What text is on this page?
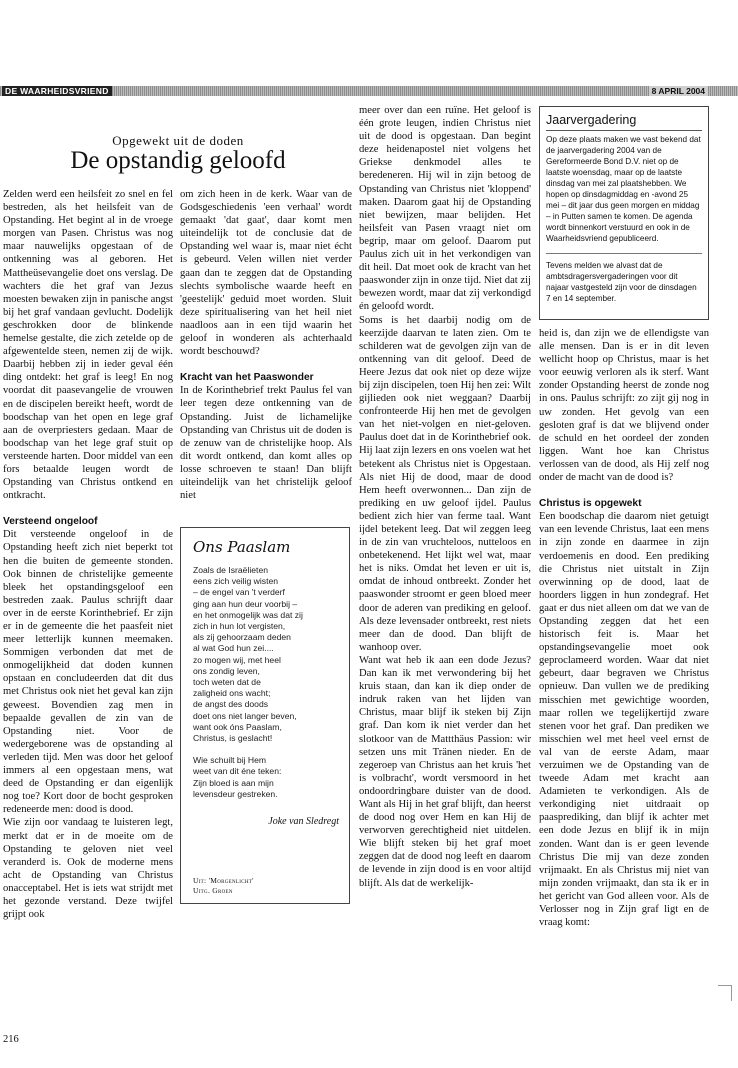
DE WAARHEIDSVRIEND	8 APRIL 2004
Opgewekt uit de doden
De opstandig geloofd

Zelden werd een heilsfeit zo snel en fel bestreden, als het heilsfeit van de Opstanding. Het begint al in de vroege morgen van Pasen. Christus was nog maar nauwelijks opgestaan of de ontkenning was al geboren. Het Mattheüsevangelie doet ons verslag. De wachters die het graf van Jezus moesten bewaken zijn in panische angst bij het graf vandaan gevlucht. Dodelijk geschrokken door de blinkende hemelse gestalte, die zich zetelde op de afgewentelde steen, nemen zij de wijk. Daarbij hebben zij in ieder geval één ding ontdekt: het graf is leeg! En nog voordat dit paasevangelie de vrouwen en de discipelen bereikt heeft, wordt de boodschap van het open en lege graf aan de overpriesters gedaan. Maar de boodschap van het lege graf stuit op versteende harten. Door middel van een fors betaalde leugen wordt de Opstanding van Christus ontkend en ontkracht.

Versteend ongeloof

Dit versteende ongeloof in de Opstanding heeft zich niet beperkt tot hen die buiten de gemeente stonden. Ook binnen de christelijke gemeente bleek het opstandingsgeloof een bestreden zaak. Paulus schrijft daar over in de eerste Korinthebrief. Er zijn er in de gemeente die het paasfeit niet meer letterlijk kunnen meemaken. Sommigen verbonden dat met de onmogelijkheid dat doden kunnen opstaan en concludeerden dat dit dus met Christus ook niet het geval kan zijn geweest. Bovendien zag men in bepaalde gevallen de zin van de Opstanding niet. Voor de wedergeborene was de opstanding al verleden tijd. Men was door het geloof immers al een opgestaan mens, wat deed de Opstanding er dan eigenlijk nog toe? Kort door de bocht gesproken redeneerde men: dood is dood.

Wie zijn oor vandaag te luisteren legt, merkt dat er in de moeite om de Opstanding te geloven niet veel veranderd is. Ook de moderne mens acht de Opstanding van Christus onacceptabel. Het is iets wat strijdt met het gezonde verstand. Deze twijfel grijpt ook

om zich heen in de kerk. Waar van de Godsgeschiedenis 'een verhaal' wordt gemaakt 'dat gaat', daar komt men uiteindelijk tot de conclusie dat de Opstanding wel waar is, maar niet écht is gebeurd. Velen willen niet verder gaan dan te zeggen dat de Opstanding slechts symbolische waarde heeft en 'geestelijk' geduid moet worden. Sluit deze spiritualisering van het heil niet naadloos aan in een tijd waarin het geloof in wonderen als achterhaald wordt beschouwd?

Kracht van het Paaswonder

In de Korinthebrief trekt Paulus fel van leer tegen deze ontkenning van de Opstanding. Juist de lichamelijke Opstanding van Christus uit de doden is de zenuw van de christelijke hoop. Als dit wordt ontkend, dan komt alles op losse schroeven te staan! Dan blijft uiteindelijk van het christelijk geloof niet

Ons Paaslam
Zoals de Israëlieten
eens zich veilig wisten
– de engel van 't verderf
ging aan hun deur voorbij –
en het onmogelijk was dat zij
zich in hun lot vergisten,
als zij gehoorzaam deden
al wat God hun zei....
zo mogen wij, met heel
ons zondig leven,
toch weten dat de
zaligheid ons wacht;
de angst des doods
doet ons niet langer beven,
want ook óns Paaslam,
Christus, is geslacht!
Wie schuilt bij Hem
weet van dit éne teken:
Zijn bloed is aan mijn
levensdeur gestreken.
Joke van Sledregt
Uit: 'Morgenlicht'
Uitg. Groen

meer over dan een ruïne. Het geloof is één grote leugen, indien Christus niet uit de dood is opgestaan. Dan begint deze heidenapostel niet volgens het Griekse denkmodel alles te beredeneren. Hij wil in zijn betoog de Opstanding van Christus niet 'kloppend' maken. Daarom gaat hij de Opstanding niet bewijzen, maar belijden. Het heilsfeit van Pasen vraagt niet om begrip, maar om geloof. Daarom put Paulus zich uit in het verkondigen van dit heil. Dat moet ook de kracht van het paaswonder zijn in onze tijd. Niet dat zij bewezen wordt, maar dat zij verkondigd én geloofd wordt.

Soms is het daarbij nodig om de keerzijde daarvan te laten zien. Om te schilderen wat de gevolgen zijn van de ontkenning van dit geloof. Deed de Heere Jezus dat ook niet op deze wijze bij zijn discipelen, toen Hij hen zei: Wilt gijlieden ook niet weggaan? Daarbij confronteerde Hij hen met de gevolgen van het niet-volgen en niet-geloven. Paulus doet dat in de Korinthebrief ook. Hij laat zijn lezers en ons voelen wat het betekent als Christus niet is Opgestaan. Als niet Hij de dood, maar de dood Hem heeft overwonnen... Dan zijn de prediking en uw geloof ijdel. Paulus bedient zich hier van ferme taal. Want ijdel betekent leeg. Dat wil zeggen leeg in de zin van vruchteloos, nutteloos en onbetekenend. Het lijkt wel wat, maar het is niks. Omdat het leven er uit is, omdat de inhoud ontbreekt. Zonder het paaswonder stroomt er geen bloed meer door de aderen van prediking en geloof. Als deze levensader ontbreekt, rest niets meer dan de dood. Dan blijft de wanhoop over.

Want wat heb ik aan een dode Jezus? Dan kan ik met verwondering bij het kruis staan, dan kan ik diep onder de indruk raken van het lijden van Christus, maar blijf ik steken bij Zijn graf. Dan kom ik niet verder dan het slotkoor van de Mattthäus Passion: wir setzen uns mit Tränen nieder. En de zegeroep van Christus aan het kruis 'het is volbracht', wordt versmoord in het ondoordringbare duister van de dood. Want als Hij in het graf blijft, dan heerst de dood nog over Hem en kan Hij de verworven gerechtigheid niet uitdelen. Wie blijft steken bij het graf moet zeggen dat de dood nog leeft en daarom de levende in zijn dood is en voor altijd blijft. Als dat de werkelijk-

Jaarvergadering

Op deze plaats maken we vast bekend dat de jaarvergadering 2004 van de Gereformeerde Bond D.V. niet op de laatste woensdag, maar op de laatste dinsdag van mei zal plaatshebben. We hopen op dinsdagmiddag en -avond 25 mei – dit jaar dus geen morgen en middag – in Putten samen te komen. De agenda wordt binnenkort verstuurd en ook in de Waarheidsvriend gepubliceerd.

Tevens melden we alvast dat de ambtsdragersvergaderingen voor dit najaar vastgesteld zijn voor de dinsdagen 7 en 14 september.

heid is, dan zijn we de ellendigste van alle mensen. Dan is er in dit leven wellicht hoop op Christus, maar is het voor eeuwig verloren als ik sterf. Want zonder Opstanding heerst de zonde nog in ons. Paulus schrijft: zo zijt gij nog in uw zonden. Het gevolg van een gesloten graf is dat we blijvend onder de schuld en het oordeel der zonden liggen. Want hoe kan Christus verlossen van de dood, als Hij zelf nog onder de macht van de dood is?

Christus is opgewekt

Een boodschap die daarom niet getuigt van een levende Christus, laat een mens in zijn zonde en daarmee in zijn verdoemenis en dood. Een prediking die Christus niet uitstalt in Zijn overwinning op de dood, laat de hoorders liggen in hun zondegraf. Het gaat er dus niet alleen om dat we van de Opstanding zeggen dat het een historisch feit is. Maar het opstandingsevangelie moet ook geproclameerd worden. Waar dat niet gebeurt, daar begraven we Christus opnieuw. Dan vullen we de prediking misschien met gewichtige woorden, maar rollen we tegelijkertijd zware stenen voor het graf. Dan prediken we misschien wel met heel veel ernst de val van de eerste Adam, maar verzuimen we de Opstanding van de tweede Adam met kracht aan Adamieten te verkondigen. Als de verkondiging niet uitdraait op paasprediking, dan blijf ik achter met een dode Jezus en blijf ik in mijn zonden. Want dan is er geen levende Christus Die mij van deze zonden vrijmaakt. En als Christus mij niet van mijn zonden vrijmaakt, dan sta ik er in het gericht van God alleen voor. Als de Verlosser nog in Zijn graf ligt en de vraag komt:

216
